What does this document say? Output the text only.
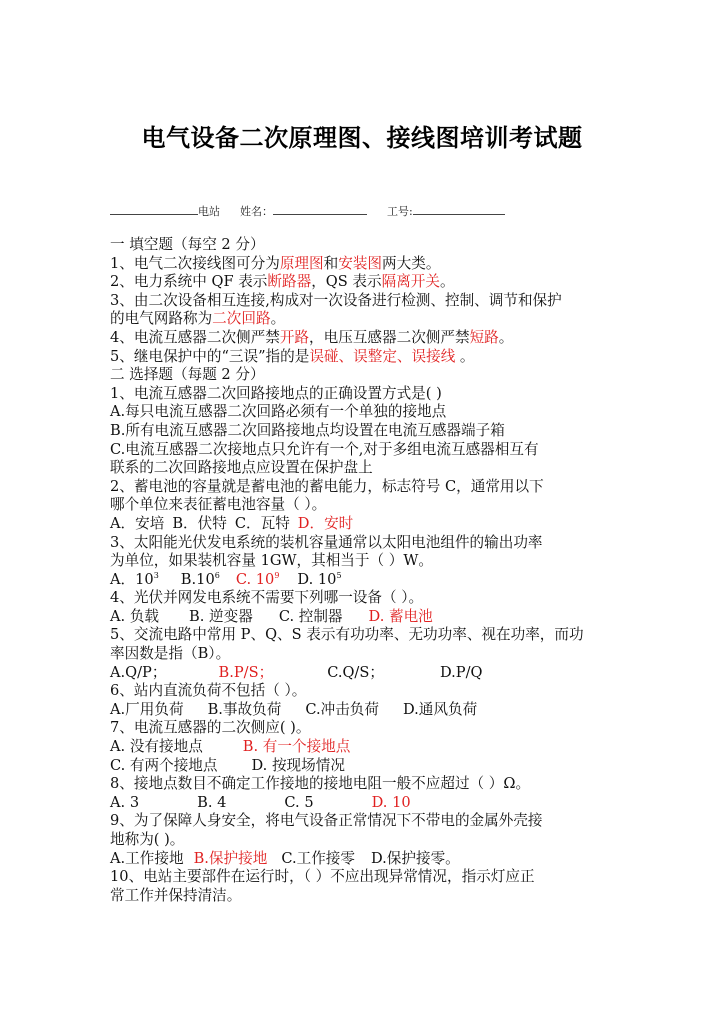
电气设备二次原理图、接线图培训考试题
电站 姓名：	工号:
一 填空题（每空 2 分）
1、电气二次接线图可分为原理图和安装图两大类。
2、电力系统中 QF 表示断路器，QS 表示隔离开关。
3、由二次设备相互连接,构成对一次设备进行检测、控制、调节和保护
的电气网路称为二次回路。
4、电流互感器二次侧严禁开路，电压互感器二次侧严禁短路。
5、继电保护中的“三误”指的是误碰、误整定、误接线 。
二 选择题（每题 2 分）
1、电流互感器二次回路接地点的正确设置方式是( )
A.每只电流互感器二次回路必须有一个单独的接地点
B.所有电流互感器二次回路接地点均设置在电流互感器端子箱
C.电流互感器二次接地点只允许有一个,对于多组电流互感器相互有
联系的二次回路接地点应设置在保护盘上
2、蓄电池的容量就是蓄电池的蓄电能力，标志符号 C，通常用以下
哪个单位来表征蓄电池容量（ ）。
A．安培 B．伏特 C．瓦特 D．安时
3、太阳能光伏发电系统的装机容量通常以太阳电池组件的输出功率
为单位，如果装机容量 1GW，其相当于（ ）W。
A．$10^3$ $B.10^6$ C. $10^9$ D. $10^5$
4、光伏并网发电系统不需要下列哪一设备（ ）。
A. 负载 B. 逆变器 C. 控制器 D. 蓄电池
5、交流电路中常用 P、Q、S 表示有功功率、无功功率、视在功率，而功
率因数是指（B）。
A.Q/P；	B.P/S；	C.Q/S；	D.P/Q
6、站内直流负荷不包括（ ）。
A.厂用负荷 B.事故负荷 C.冲击负荷 D.通风负荷
7、电流互感器的二次侧应( )。
A. 没有接地点	B. 有一个接地点
C. 有两个接地点 D. 按现场情况
8、接地点数目不确定工作接地的接地电阻一般不应超过（ ）Ω。
A. 3	B. 4	C. 5	D. 10
9、为了保障人身安全，将电气设备正常情况下不带电的金属外壳接
地称为( )。
A.工作接地 B.保护接地 C.工作接零 D.保护接零。
10、电站主要部件在运行时，（ ）不应出现异常情况，指示灯应正
常工作并保持清洁。
